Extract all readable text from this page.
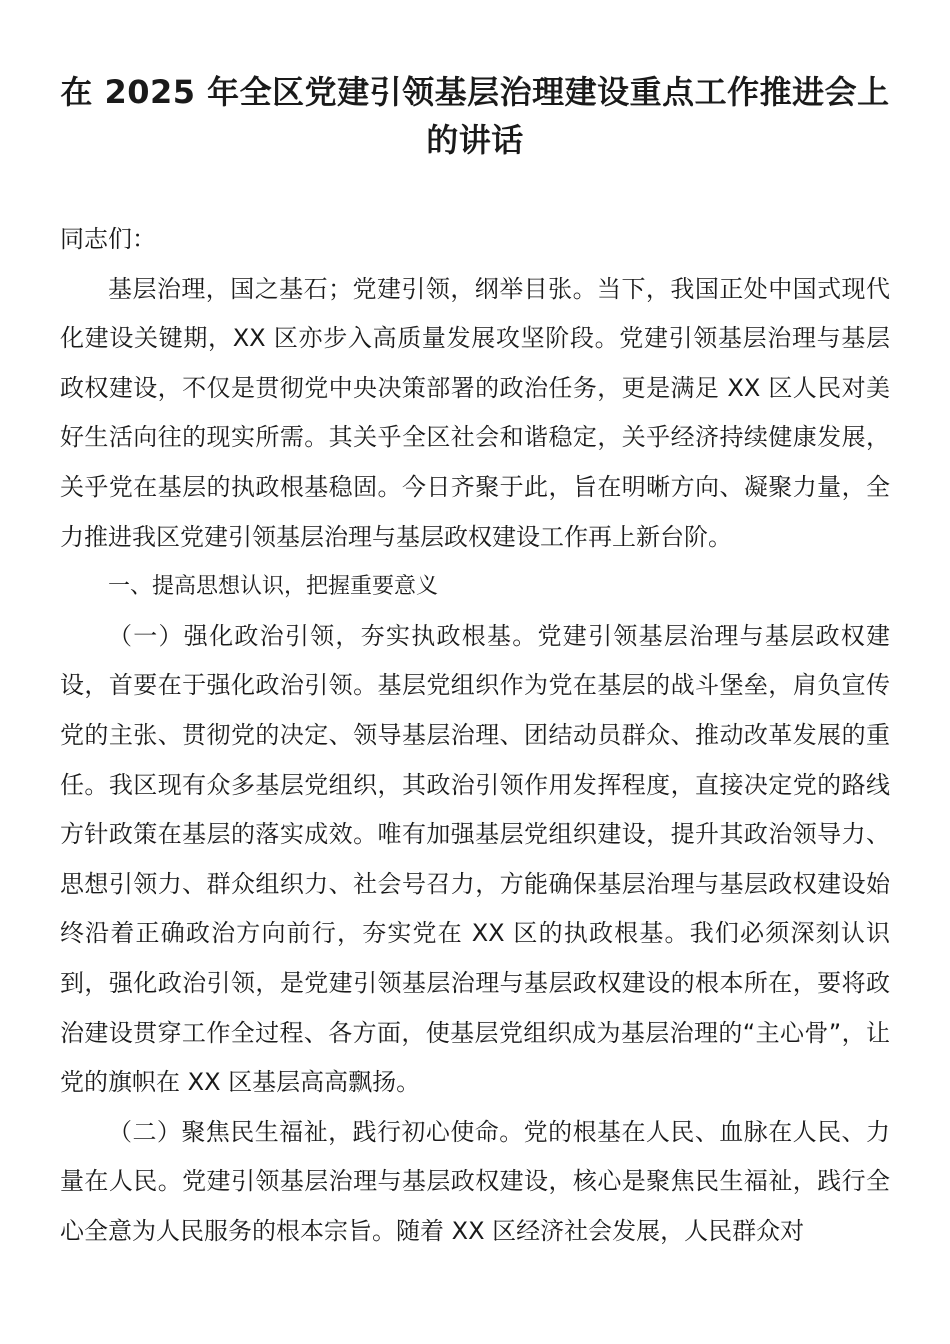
在 2025 年全区党建引领基层治理建设重点工作推进会上的讲话

同志们：

基层治理，国之基石；党建引领，纲举目张。当下，我国正处中国式现代化建设关键期，XX 区亦步入高质量发展攻坚阶段。党建引领基层治理与基层政权建设，不仅是贯彻党中央决策部署的政治任务，更是满足 XX 区人民对美好生活向往的现实所需。其关乎全区社会和谐稳定，关乎经济持续健康发展，关乎党在基层的执政根基稳固。今日齐聚于此，旨在明晰方向、凝聚力量，全力推进我区党建引领基层治理与基层政权建设工作再上新台阶。

一、提高思想认识，把握重要意义

（一）强化政治引领，夯实执政根基。党建引领基层治理与基层政权建设，首要在于强化政治引领。基层党组织作为党在基层的战斗堡垒，肩负宣传党的主张、贯彻党的决定、领导基层治理、团结动员群众、推动改革发展的重任。我区现有众多基层党组织，其政治引领作用发挥程度，直接决定党的路线方针政策在基层的落实成效。唯有加强基层党组织建设，提升其政治领导力、思想引领力、群众组织力、社会号召力，方能确保基层治理与基层政权建设始终沿着正确政治方向前行，夯实党在 XX 区的执政根基。我们必须深刻认识到，强化政治引领，是党建引领基层治理与基层政权建设的根本所在，要将政治建设贯穿工作全过程、各方面，使基层党组织成为基层治理的“主心骨”，让党的旗帜在 XX 区基层高高飘扬。

（二）聚焦民生福祉，践行初心使命。党的根基在人民、血脉在人民、力量在人民。党建引领基层治理与基层政权建设，核心是聚焦民生福祉，践行全心全意为人民服务的根本宗旨。随着 XX 区经济社会发展，人民群众对
